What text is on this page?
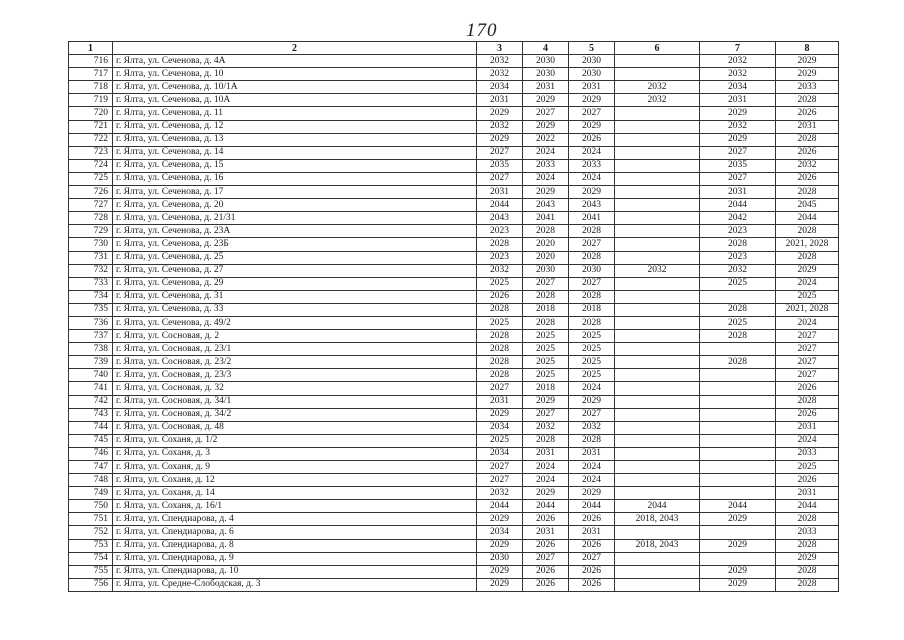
170
1	2	3	4	5	6	7	8
716	г. Ялта, ул. Сеченова, д. 4А	2032	2030	2030		2032	2029
717	г. Ялта, ул. Сеченова, д. 10	2032	2030	2030		2032	2029
718	г. Ялта, ул. Сеченова, д. 10/1А	2034	2031	2031	2032	2034	2033
719	г. Ялта, ул. Сеченова, д. 10А	2031	2029	2029	2032	2031	2028
720	г. Ялта, ул. Сеченова, д. 11	2029	2027	2027		2029	2026
721	г. Ялта, ул. Сеченова, д. 12	2032	2029	2029		2032	2031
722	г. Ялта, ул. Сеченова, д. 13	2029	2022	2026		2029	2028
723	г. Ялта, ул. Сеченова, д. 14	2027	2024	2024		2027	2026
724	г. Ялта, ул. Сеченова, д. 15	2035	2033	2033		2035	2032
725	г. Ялта, ул. Сеченова, д. 16	2027	2024	2024		2027	2026
726	г. Ялта, ул. Сеченова, д. 17	2031	2029	2029		2031	2028
727	г. Ялта, ул. Сеченова, д. 20	2044	2043	2043		2044	2045
728	г. Ялта, ул. Сеченова, д. 21/31	2043	2041	2041		2042	2044
729	г. Ялта, ул. Сеченова, д. 23А	2023	2028	2028		2023	2028
730	г. Ялта, ул. Сеченова, д. 23Б	2028	2020	2027		2028	2021, 2028
731	г. Ялта, ул. Сеченова, д. 25	2023	2020	2028		2023	2028
732	г. Ялта, ул. Сеченова, д. 27	2032	2030	2030	2032	2032	2029
733	г. Ялта, ул. Сеченова, д. 29	2025	2027	2027		2025	2024
734	г. Ялта, ул. Сеченова, д. 31	2026	2028	2028			2025
735	г. Ялта, ул. Сеченова, д. 33	2028	2018	2018		2028	2021, 2028
736	г. Ялта, ул. Сеченова, д. 49/2	2025	2028	2028		2025	2024
737	г. Ялта, ул. Сосновая, д. 2	2028	2025	2025		2028	2027
738	г. Ялта, ул. Сосновая, д. 23/1	2028	2025	2025			2027
739	г. Ялта, ул. Сосновая, д. 23/2	2028	2025	2025		2028	2027
740	г. Ялта, ул. Сосновая, д. 23/3	2028	2025	2025			2027
741	г. Ялта, ул. Сосновая, д. 32	2027	2018	2024			2026
742	г. Ялта, ул. Сосновая, д. 34/1	2031	2029	2029			2028
743	г. Ялта, ул. Сосновая, д. 34/2	2029	2027	2027			2026
744	г. Ялта, ул. Сосновая, д. 48	2034	2032	2032			2031
745	г. Ялта, ул. Соханя, д. 1/2	2025	2028	2028			2024
746	г. Ялта, ул. Соханя, д. 3	2034	2031	2031			2033
747	г. Ялта, ул. Соханя, д. 9	2027	2024	2024			2025
748	г. Ялта, ул. Соханя, д. 12	2027	2024	2024			2026
749	г. Ялта, ул. Соханя, д. 14	2032	2029	2029			2031
750	г. Ялта, ул. Соханя, д. 16/1	2044	2044	2044	2044	2044	2044
751	г. Ялта, ул. Спендиарова, д. 4	2029	2026	2026	2018, 2043	2029	2028
752	г. Ялта, ул. Спендиарова, д. 6	2034	2031	2031			2033
753	г. Ялта, ул. Спендиарова, д. 8	2029	2026	2026	2018, 2043	2029	2028
754	г. Ялта, ул. Спендиарова, д. 9	2030	2027	2027			2029
755	г. Ялта, ул. Спендиарова, д. 10	2029	2026	2026		2029	2028
756	г. Ялта, ул. Средне-Слободская, д. 3	2029	2026	2026		2029	2028
